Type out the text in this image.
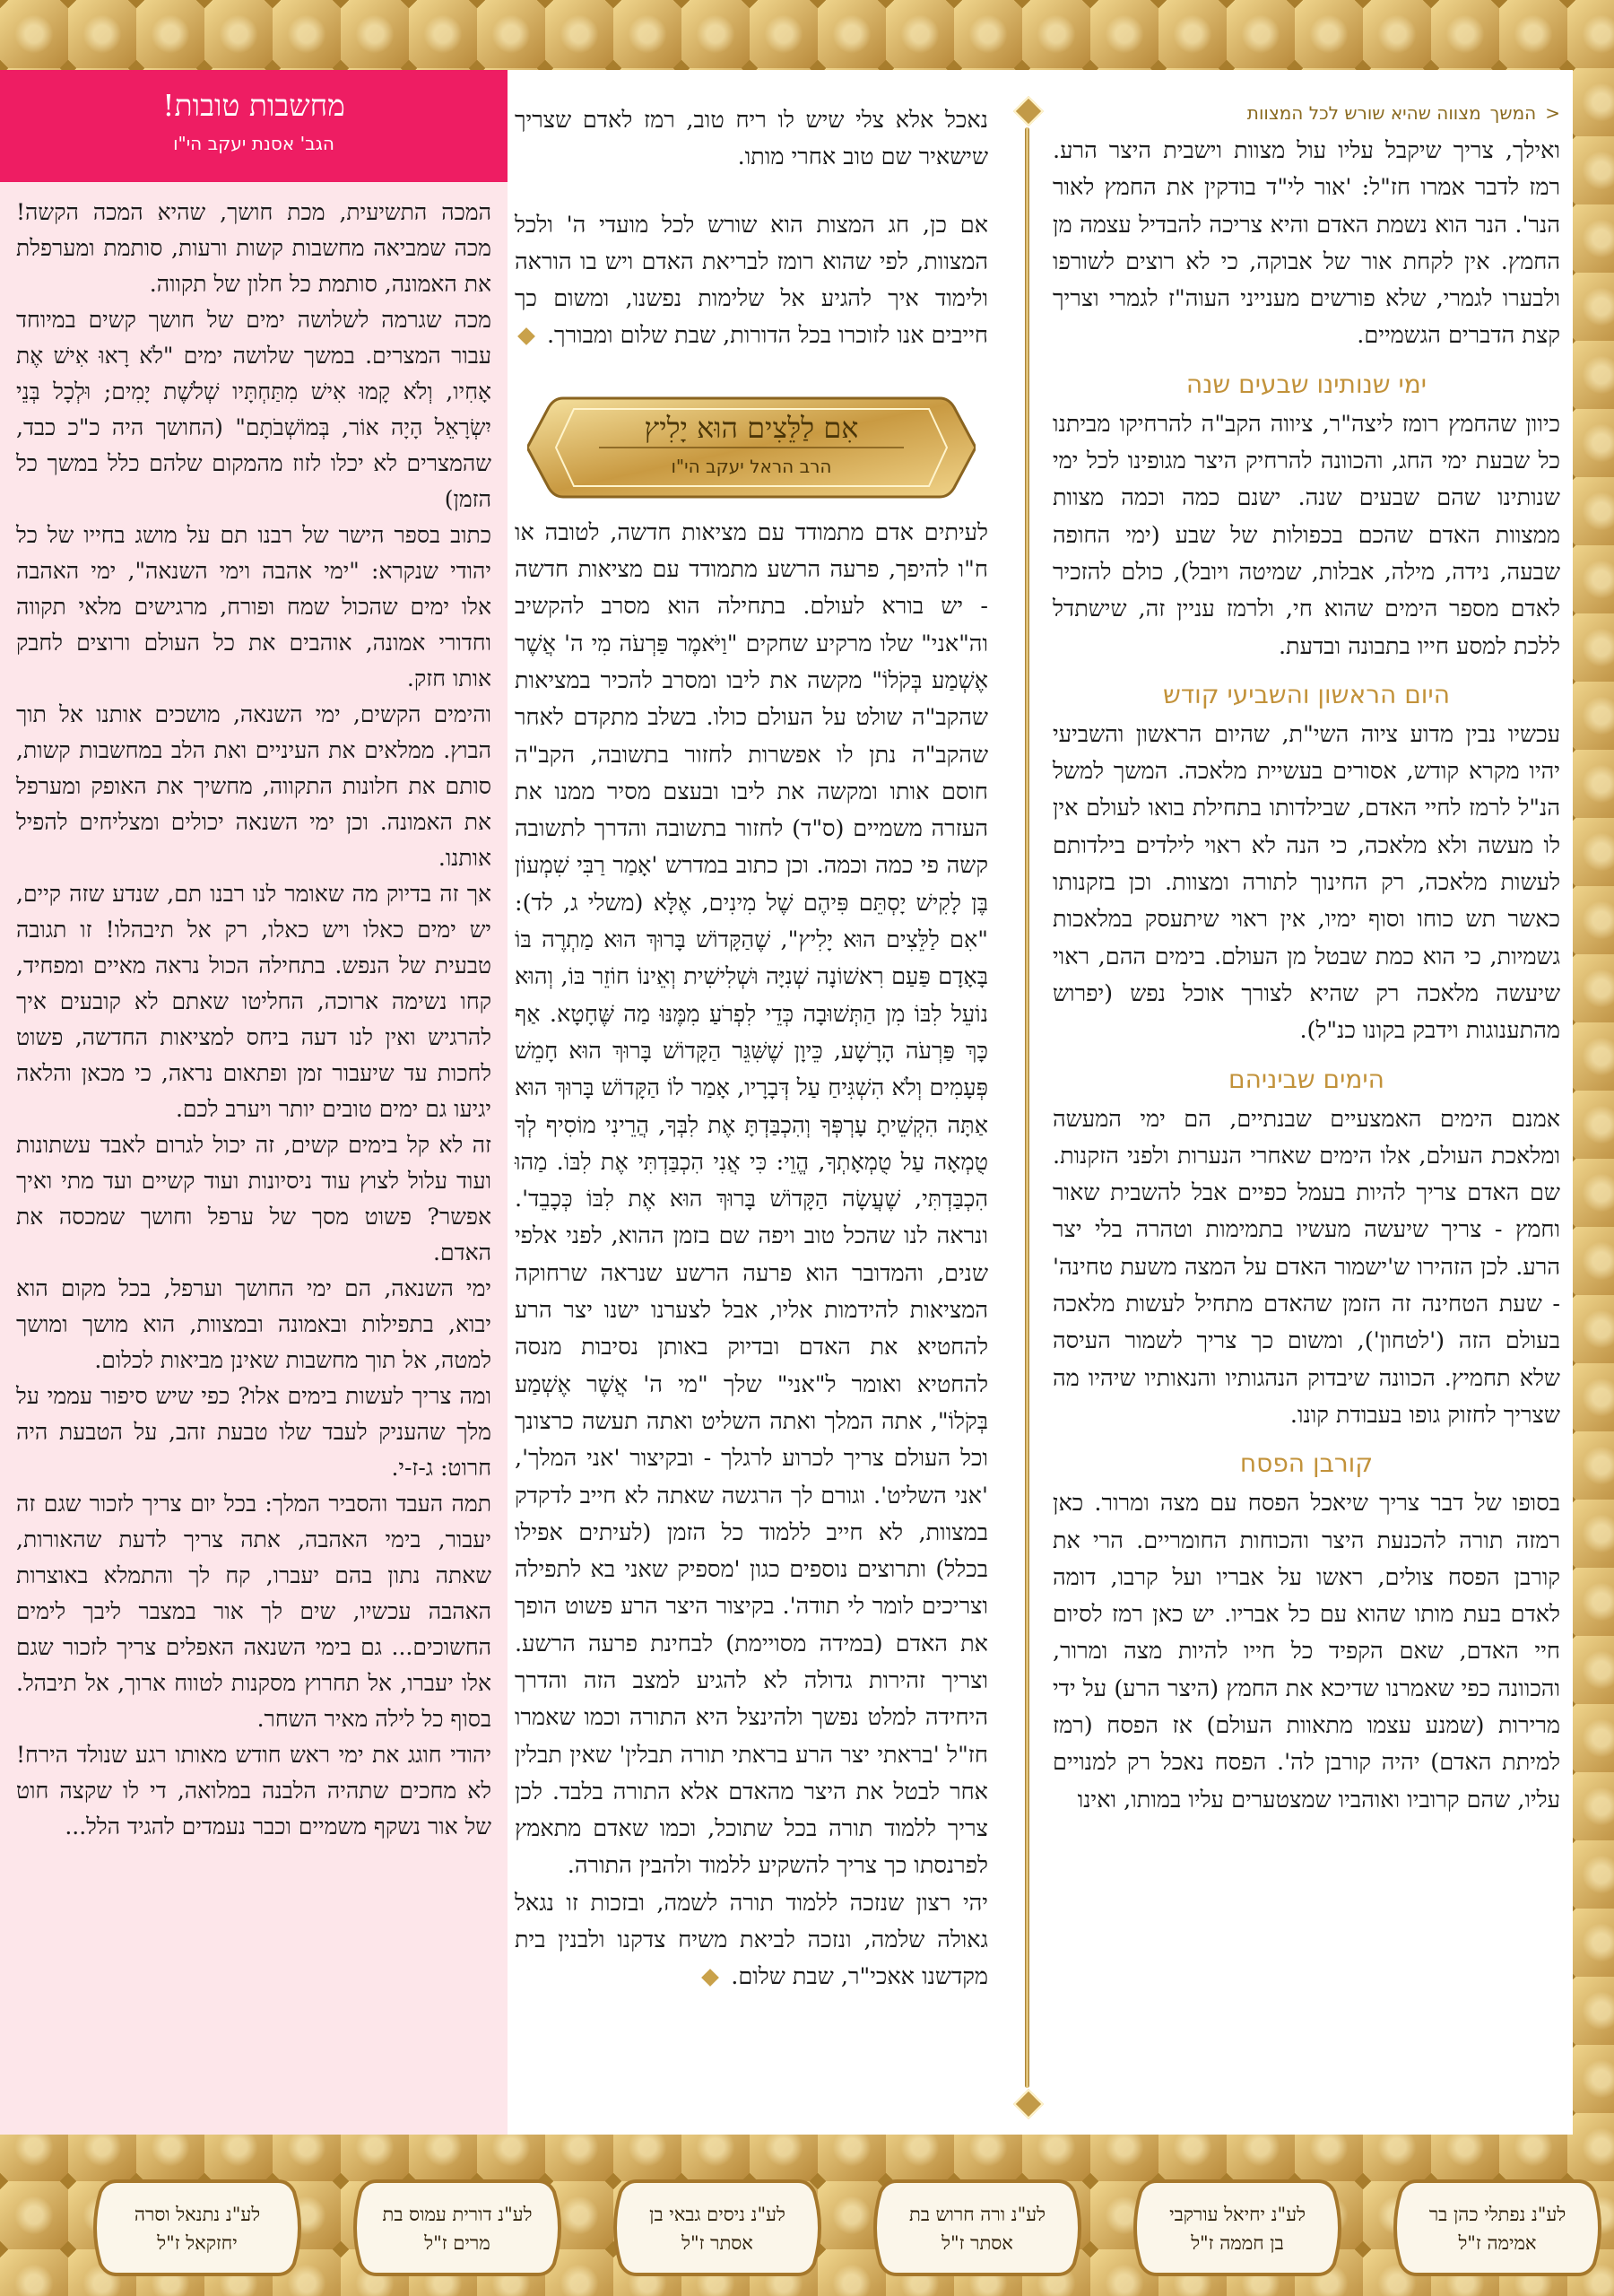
<
המשך
מצווה שהיא שורש לכל המצוות

ואילך, צריך שיקבל עליו עול מצוות וישבית היצר הרע. רמז לדבר אמרו חז"ל: 'אור לי"ד בודקין את החמץ לאור הנר'. הנר הוא נשמת האדם והיא צריכה להבדיל עצמה מן החמץ. אין לקחת אור של אבוקה, כי לא רוצים לשורפו ולבערו לגמרי, שלא פורשים מענייני העוה"ז לגמרי וצריך קצת הדברים הגשמיים.

ימי שנותינו שבעים שנה

כיוון שהחמץ רומז ליצה"ר, ציווה הקב"ה להרחיקו מביתנו כל שבעת ימי החג, והכוונה להרחיק היצר מגופינו לכל ימי שנותינו שהם שבעים שנה. ישנם כמה וכמה מצוות ממצוות האדם שהכם בכפולות של שבע (ימי החופה שבעה, נידה, מילה, אבלות, שמיטה ויובל), כולם להזכיר לאדם מספר הימים שהוא חי, ולרמז עניין זה, שישתדל ללכת למסע חייו בתבונה ובדעת.

היום הראשון והשביעי קודש

עכשיו נבין מדוע ציוה השי"ת, שהיום הראשון והשביעי יהיו מקרא קודש, אסורים בעשיית מלאכה. המשך למשל הנ"ל לרמז לחיי האדם, שבילדותו בתחילת בואו לעולם אין לו מעשה ולא מלאכה, כי הנה לא ראוי לילדים בילדותם לעשות מלאכה, רק החינוך לתורה ומצוות. וכן בזקנותו כאשר תש כוחו וסוף ימיו, אין ראוי שיתעסק במלאכות גשמיות, כי הוא כמת שבטל מן העולם. בימים ההם, ראוי שיעשה מלאכה רק שהיא לצורך אוכל נפש (יפרוש מהתענוגות וידבק בקונו כנ"ל).

הימים שביניהם

אמנם הימים האמצעיים שבנתיים, הם ימי המעשה ומלאכת העולם, אלו הימים שאחרי הנערות ולפני הזקנות. שם האדם צריך להיות בעמל כפיים אבל להשבית שאור וחמץ - צריך שיעשה מעשיו בתמימות וטהרה בלי יצר הרע. לכן הזהירו ש'ישמור האדם על המצה משעת טחינה' - שעת הטחינה זה הזמן שהאדם מתחיל לעשות מלאכה בעולם הזה ('לטחון'), ומשום כך צריך לשמור העיסה שלא תחמיץ. הכוונה שיבדוק הנהגותיו והנאותיו שיהיו מה שצריך לחזוק גופו בעבודת קונו.

קורבן הפסח

בסופו של דבר צריך שיאכל הפסח עם מצה ומרור. כאן רמזה תורה להכנעת היצר והכוחות החומריים. הרי את קורבן הפסח צולים, ראשו על אבריו ועל קרבו, דומה לאדם בעת מותו שהוא עם כל אבריו. יש כאן רמז לסיום חיי האדם, שאם הקפיד כל חייו להיות מצה ומרור, והכוונה כפי שאמרנו שדיכא את החמץ (היצר הרע) על ידי מרירות (שמנע עצמו מתאוות העולם) אז הפסח (רמז למיתת האדם) יהיה קורבן לה'. הפסח נאכל רק למנויים עליו, שהם קרוביו ואוהביו שמצטערים עליו במותו, ואינו

נאכל אלא צלי שיש לו ריח טוב, רמז לאדם שצריך שישאיר שם טוב אחרי מותו.

אם כן, חג המצות הוא שורש לכל מועדי ה' ולכל המצוות, לפי שהוא רומז לבריאת האדם ויש בו הוראה ולימוד איך להגיע אל שלימות נפשנו, ומשום כך חייבים אנו לזוכרו בכל הדורות, שבת שלום ומבורך.

אִם לַלֵּצִים הוּא יָלִיץ
הרב הראל יעקב הי"ו

לעיתים אדם מתמודד עם מציאות חדשה, לטובה או ח"ו להיפך, פרעה הרשע מתמודד עם מציאות חדשה - יש בורא לעולם. בתחילה הוא מסרב להקשיב וה"אני" שלו מרקיע שחקים "וַיֹּאמֶר פַּרְעֹה מִי ה' אֲשֶׁר אֶשְׁמַע בְּקֹלוֹ" מקשה את ליבו ומסרב להכיר במציאות שהקב"ה שולט על העולם כולו. בשלב מתקדם לאחר שהקב"ה נתן לו אפשרות לחזור בתשובה, הקב"ה חוסם אותו ומקשה את ליבו ובעצם מסיר ממנו את העזרה משמיים (ס"ד) לחזור בתשובה והדרך לתשובה קשה פי כמה וכמה. וכן כתוב במדרש 'אָמַר רַבִּי שִׁמְעוֹן בֶּן לָקִישׁ יָסְתֵּם פִּיהֶם שֶׁל מִינִים, אֶלָּא (משלי ג, לד): "אִם לַלֵּצִים הוּא יָלִיץ", שֶׁהַקָּדוֹשׁ בָּרוּךְ הוּא מַתְרֶה בּוֹ בָּאָדָם פַּעַם רִאשׁוֹנָה שְׁנִיָּה וּשְׁלִישִׁית וְאֵינוֹ חוֹזֵר בּוֹ, וְהוּא נוֹעֵל לִבּוֹ מִן הַתְּשׁוּבָה כְּדֵי לִפְרֹעַ מִמֶּנּוּ מַה שֶּׁחָטָא. אַף כָּךְ פַּרְעֹה הָרָשָׁע, כֵּיוָן שֶׁשִּׁגֵּר הַקָּדוֹשׁ בָּרוּךְ הוּא חָמֵשׁ פְּעָמִים וְלֹא הִשְׁגִּיחַ עַל דְּבָרָיו, אָמַר לוֹ הַקָּדוֹשׁ בָּרוּךְ הוּא אַתָּה הִקְשֵׁיתָ עָרְפְּךָ וְהִכְבַּדְתָּ אֶת לִבְּךָ, הֲרֵינִי מוֹסִיף לְךָ טֻמְאָה עַל טֻמְאָתְךָ, הֱוֵי: כִּי אֲנִי הִכְבַּדְתִּי אֶת לִבּוֹ. מַהוּ הִכְבַּדְתִּי, שֶׁעֲשָׂה הַקָּדוֹשׁ בָּרוּךְ הוּא אֶת לִבּוֹ כְּכָבֵד'. ונראה לנו שהכל טוב ויפה שם בזמן ההוא, לפני אלפי שנים, והמדובר הוא פרעה הרשע שנראה שרחוקה המציאות להידמות אליו, אבל לצערנו ישנו יצר הרע להחטיא את האדם ובדיוק באותן נסיבות מנסה להחטיא ואומר ל"אני" שלך "מי ה' אֲשֶׁר אֶשְׁמַע בְּקֹלוֹ", אתה המלך ואתה השליט ואתה תעשה כרצונך וכל העולם צריך לכרוע לרגלך - ובקיצור 'אני המלך', 'אני השליט'. וגורם לך הרגשה שאתה לא חייב לדקדק במצוות, לא חייב ללמוד כל הזמן (לעיתים אפילו בכלל) ותרוצים נוספים כגון 'מספיק שאני בא לתפילה וצריכים לומר לי תודה'. בקיצור היצר הרע פשוט הופך את האדם (במידה מסויימת) לבחינת פרעה הרשע. וצריך זהירות גדולה לא להגיע למצב הזה והדרך היחידה למלט נפשך ולהינצל היא התורה וכמו שאמרו חז"ל 'בראתי יצר הרע בראתי תורה תבלין' שאין תבלין אחר לבטל את היצר מהאדם אלא התורה בלבד. לכן צריך ללמוד תורה בכל שתוכל, וכמו שאדם מתאמץ לפרנסתו כך צריך להשקיע ללמוד ולהבין התורה.

יהי רצון שנזכה ללמוד תורה לשמה, ובזכות זו נגאל גאולה שלמה, ונזכה לביאת משיח צדקנו ולבנין בית מקדשנו אאכי"ר, שבת שלום.

מחשבות טובות!
הגב' אסנת יעקב הי"ו

המכה התשיעית, מכת חושך, שהיא המכה הקשה! מכה שמביאה מחשבות קשות ורעות, סותמת ומערפלת את האמונה, סותמת כל חלון של תקווה.

מכה שגרמה לשלושה ימים של חושך קשים במיוחד עבור המצרים. במשך שלושה ימים "לֹא רָאוּ אִישׁ אֶת אָחִיו, וְלֹא קָמוּ אִישׁ מִתַּחְתָּיו שְׁלֹשֶׁת יָמִים; וּלְכָל בְּנֵי יִשְׂרָאֵל הָיָה אוֹר, בְּמוֹשְׁבֹתָם" (החושך היה כ"כ כבד, שהמצרים לא יכלו לזוז מהמקום שלהם כלל במשך כל הזמן)

כתוב בספר הישר של רבנו תם על מושג בחייו של כל יהודי שנקרא: "ימי אהבה וימי השנאה", ימי האהבה אלו ימים שהכול שמח ופורח, מרגישים מלאי תקווה וחדורי אמונה, אוהבים את כל העולם ורוצים לחבק אותו חזק.

והימים הקשים, ימי השנאה, מושכים אותנו אל תוך הבוץ. ממלאים את העיניים ואת הלב במחשבות קשות, סותם את חלונות התקווה, מחשיך את האופק ומערפל את האמונה. וכן ימי השנאה יכולים ומצליחים להפיל אותנו.

אך זה בדיוק מה שאומר לנו רבנו תם, שנדע שזה קיים, יש ימים כאלו ויש כאלו, רק אל תיבהלו! זו תגובה טבעית של הנפש. בתחילה הכול נראה מאיים ומפחיד, קחו נשימה ארוכה, החליטו שאתם לא קובעים איך להרגיש ואין לנו דעה ביחס למציאות החדשה, פשוט לחכות עד שיעבור זמן ופתאום נראה, כי מכאן והלאה יגיעו גם ימים טובים יותר ויערב לכם.

זה לא קל בימים קשים, זה יכול לגרום לאבד עשתונות ועוד עלול לצוץ עוד ניסיונות ועוד קשיים ועד מתי ואיך אפשר? פשוט מסך של ערפל וחושך שמכסה את האדם.

ימי השנאה, הם ימי החושך וערפל, בכל מקום הוא יבוא, בתפילות ובאמונה ובמצוות, הוא מושך ומושך למטה, אל תוך מחשבות שאינן מביאות לכלום.

ומה צריך לעשות בימים אלו? כפי שיש סיפור עממי על מלך שהעניק לעבד שלו טבעת זהב, על הטבעת היה חרוט: ג-ז-י.

תמה העבד והסביר המלך: בכל יום צריך לזכור שגם זה יעבור, בימי האהבה, אתה צריך לדעת שהאורות, שאתה נתון בהם יעברו, קח לך והתמלא באוצרות האהבה עכשיו, שים לך אור במצבר ליבך לימים החשוכים... גם בימי השנאה האפלים צריך לזכור שגם אלו יעברו, אל תחרוץ מסקנות לטווח ארוך, אל תיבהל. בסוף כל לילה מאיר השחר.

יהודי חוגג את ימי ראש חודש מאותו רגע שנולד הירח! לא מחכים שתהיה הלבנה במלואה, די לו שקצה חוט של אור נשקף משמיים וכבר נעמדים להגיד הלל...

לע"נ נפתלי כהן בר
אמימה ז"ל
לע"נ יחיאל עורקבי
בן חממה ז"ל
לע"נ ורה חרוש בת
אסתר ז"ל
לע"נ ניסים גבאי בן
אסתר ז"ל
לע"נ דורית עמוס בת
מרים ז"ל
לע"נ נתנאל וסרה
יחזקאל ז"ל
